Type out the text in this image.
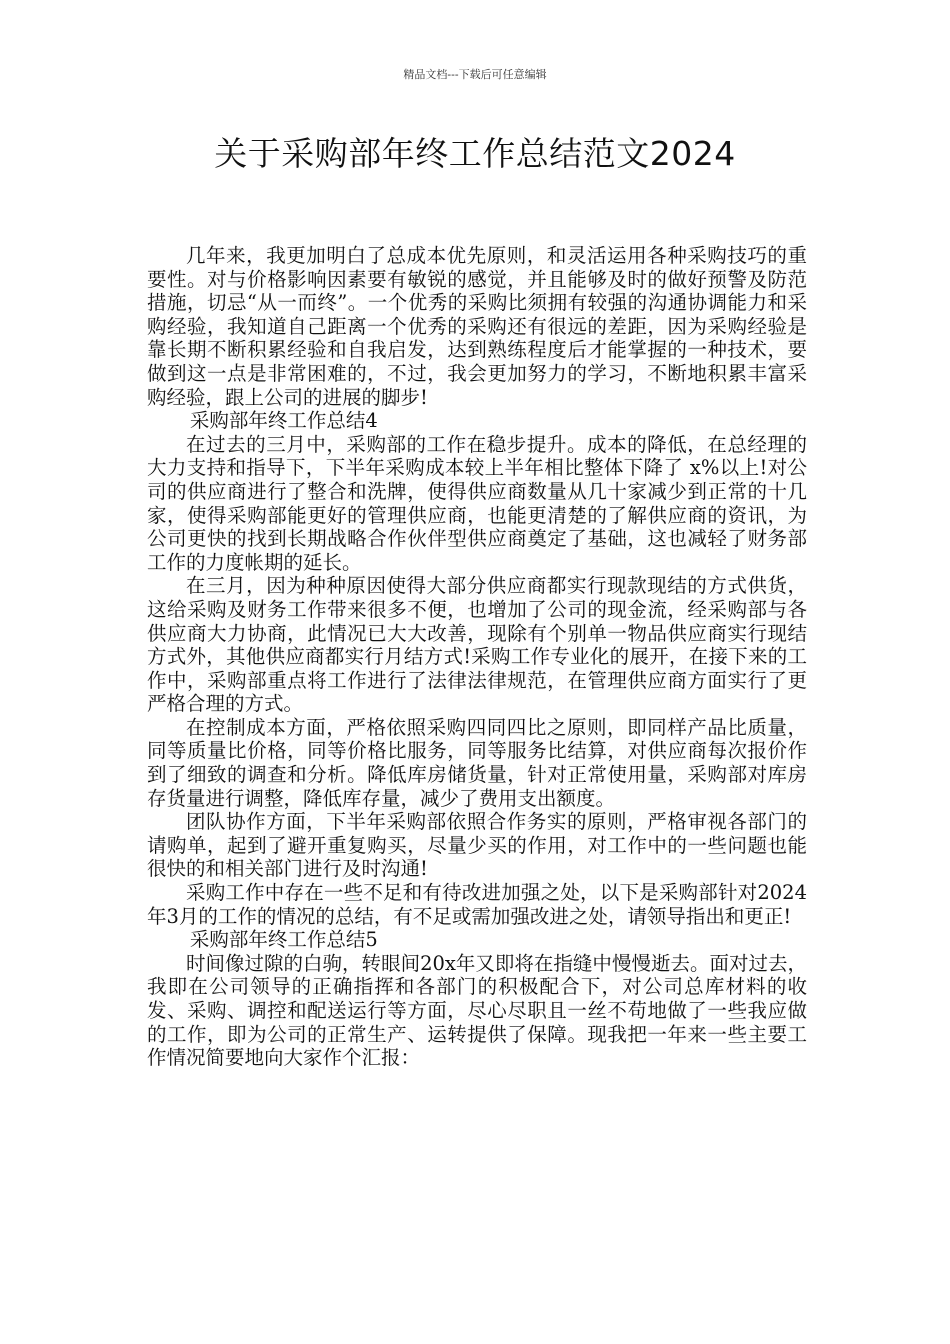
精品文档---下载后可任意编辑
关于采购部年终工作总结范文2024

几年来，我更加明白了总成本优先原则，和灵活运用各种采购技巧的重要性。对与价格影响因素要有敏锐的感觉，并且能够及时的做好预警及防范措施，切忌“从一而终”。一个优秀的采购比须拥有较强的沟通协调能力和采购经验，我知道自己距离一个优秀的采购还有很远的差距，因为采购经验是靠长期不断积累经验和自我启发，达到熟练程度后才能掌握的一种技术，要做到这一点是非常困难的，不过，我会更加努力的学习，不断地积累丰富采购经验，跟上公司的进展的脚步!

采购部年终工作总结4

在过去的三月中，采购部的工作在稳步提升。成本的降低，在总经理的大力支持和指导下，下半年采购成本较上半年相比整体下降了 x%以上!对公司的供应商进行了整合和洗牌，使得供应商数量从几十家减少到正常的十几家，使得采购部能更好的管理供应商，也能更清楚的了解供应商的资讯，为公司更快的找到长期战略合作伙伴型供应商奠定了基础，这也减轻了财务部工作的力度帐期的延长。

在三月，因为种种原因使得大部分供应商都实行现款现结的方式供货，这给采购及财务工作带来很多不便，也增加了公司的现金流，经采购部与各供应商大力协商，此情况已大大改善，现除有个别单一物品供应商实行现结方式外，其他供应商都实行月结方式!采购工作专业化的展开，在接下来的工作中，采购部重点将工作进行了法律法律规范，在管理供应商方面实行了更严格合理的方式。

在控制成本方面，严格依照采购四同四比之原则，即同样产品比质量，同等质量比价格，同等价格比服务，同等服务比结算，对供应商每次报价作到了细致的调查和分析。降低库房储货量，针对正常使用量，采购部对库房存货量进行调整，降低库存量，减少了费用支出额度。

团队协作方面，下半年采购部依照合作务实的原则，严格审视各部门的请购单，起到了避开重复购买，尽量少买的作用，对工作中的一些问题也能很快的和相关部门进行及时沟通!

采购工作中存在一些不足和有待改进加强之处，以下是采购部针对2024年3月的工作的情况的总结，有不足或需加强改进之处，请领导指出和更正!

采购部年终工作总结5

时间像过隙的白驹，转眼间20x年又即将在指缝中慢慢逝去。面对过去，我即在公司领导的正确指挥和各部门的积极配合下，对公司总库材料的收发、采购、调控和配送运行等方面，尽心尽职且一丝不苟地做了一些我应做的工作，即为公司的正常生产、运转提供了保障。现我把一年来一些主要工作情况简要地向大家作个汇报：
